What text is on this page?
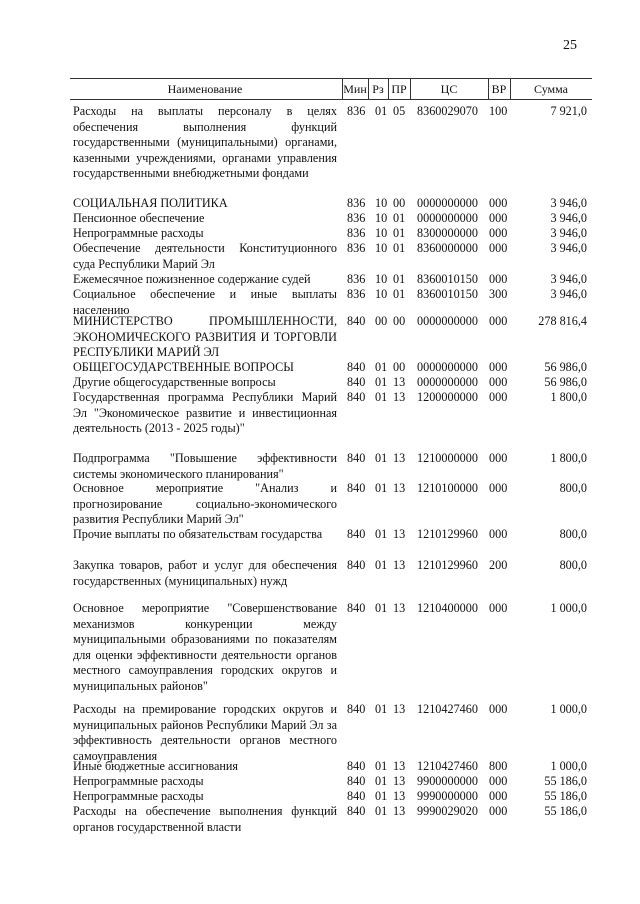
25
Наименование	Мин Рз ПР	ЦС	ВР	Сумма
Расходы на выплаты персоналу в целях обеспечения выполнения функций государственными (муниципальными) органами, казенными учреждениями, органами управления государственными внебюджетными фондами
836 01 05 8360029070 100	7 921,0
СОЦИАЛЬНАЯ ПОЛИТИКА	836 10 00 0000000000 000	3 946,0
Пенсионное обеспечение	836 10 01 0000000000 000	3 946,0
Непрограммные расходы	836 10 01 8300000000 000	3 946,0
Обеспечение деятельности Конституционного суда Республики Марий Эл
836 10 01 8360000000 000	3 946,0
Ежемесячное пожизненное содержание судей	836 10 01 8360010150 000	3 946,0
Социальное обеспечение и иные выплаты населению
836 10 01 8360010150 300	3 946,0
МИНИСТЕРСТВО ПРОМЫШЛЕННОСТИ, ЭКОНОМИЧЕСКОГО РАЗВИТИЯ И ТОРГОВЛИ РЕСПУБЛИКИ МАРИЙ ЭЛ
840 00 00 0000000000 000	278 816,4
ОБЩЕГОСУДАРСТВЕННЫЕ ВОПРОСЫ	840 01 00 0000000000 000	56 986,0
Другие общегосударственные вопросы	840 01 13 0000000000 000	56 986,0
Государственная программа Республики Марий Эл "Экономическое развитие и инвестиционная деятельность (2013 - 2025 годы)"
840 01 13 1200000000 000	1 800,0
Подпрограмма "Повышение эффективности системы экономического планирования"
840 01 13 1210000000 000	1 800,0
Основное мероприятие "Анализ и прогнозирование социально-экономического развития Республики Марий Эл"
840 01 13 1210100000 000	800,0
Прочие выплаты по обязательствам государства	840 01 13 1210129960 000	800,0
Закупка товаров, работ и услуг для обеспечения государственных (муниципальных) нужд
840 01 13 1210129960 200	800,0
Основное мероприятие "Совершенствование механизмов конкуренции между муниципальными образованиями по показателям для оценки эффективности деятельности органов местного самоуправления городских округов и муниципальных районов"
840 01 13 1210400000 000	1 000,0
Расходы на премирование городских округов и муниципальных районов Республики Марий Эл за эффективность деятельности органов местного самоуправления
840 01 13 1210427460 000	1 000,0
Иные бюджетные ассигнования	840 01 13 1210427460 800	1 000,0
Непрограммные расходы	840 01 13 9900000000 000	55 186,0
Непрограммные расходы	840 01 13 9990000000 000	55 186,0
Расходы на обеспечение выполнения функций органов государственной власти
840 01 13 9990029020 000	55 186,0
